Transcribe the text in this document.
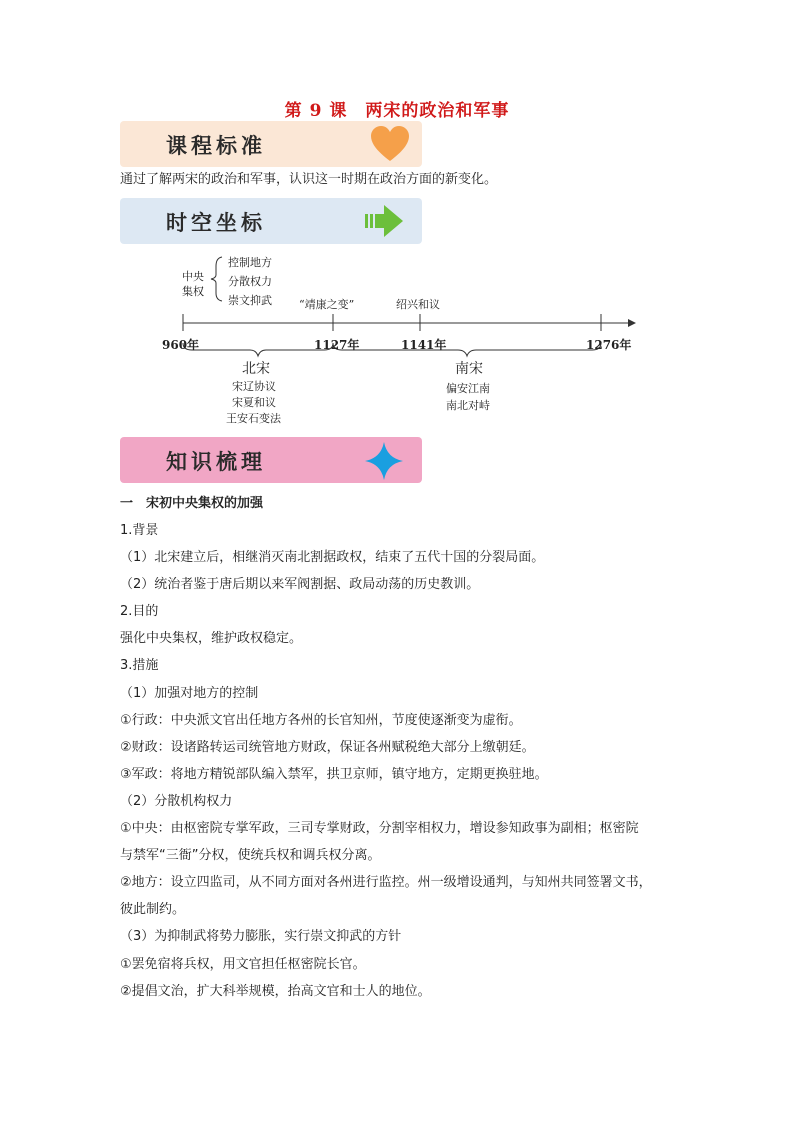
第 9 课　两宋的政治和军事
课程标准
通过了解两宋的政治和军事，认识这一时期在政治方面的新变化。
时空坐标
中央
集权
控制地方
分散权力
崇文抑武 “靖康之变”	绍兴和议
960年	1127年	1141年	1276年
北宋
宋辽协议
宋夏和议
王安石变法
南宋
偏安江南
南北对峙
知识梳理
一　宋初中央集权的加强
1.背景
（1）北宋建立后，相继消灭南北割据政权，结束了五代十国的分裂局面。
（2）统治者鉴于唐后期以来军阀割据、政局动荡的历史教训。
2.目的
强化中央集权，维护政权稳定。
3.措施
（1）加强对地方的控制
①行政：中央派文官出任地方各州的长官知州，节度使逐渐变为虚衔。
②财政：设诸路转运司统管地方财政，保证各州赋税绝大部分上缴朝廷。
③军政：将地方精锐部队编入禁军，拱卫京师，镇守地方，定期更换驻地。
（2）分散机构权力
①中央：由枢密院专掌军政，三司专掌财政，分割宰相权力，增设参知政事为副相；枢密院
与禁军“三衙”分权，使统兵权和调兵权分离。
②地方：设立四监司，从不同方面对各州进行监控。州一级增设通判，与知州共同签署文书，
彼此制约。
（3）为抑制武将势力膨胀，实行崇文抑武的方针
①罢免宿将兵权，用文官担任枢密院长官。
②提倡文治，扩大科举规模，抬高文官和士人的地位。
